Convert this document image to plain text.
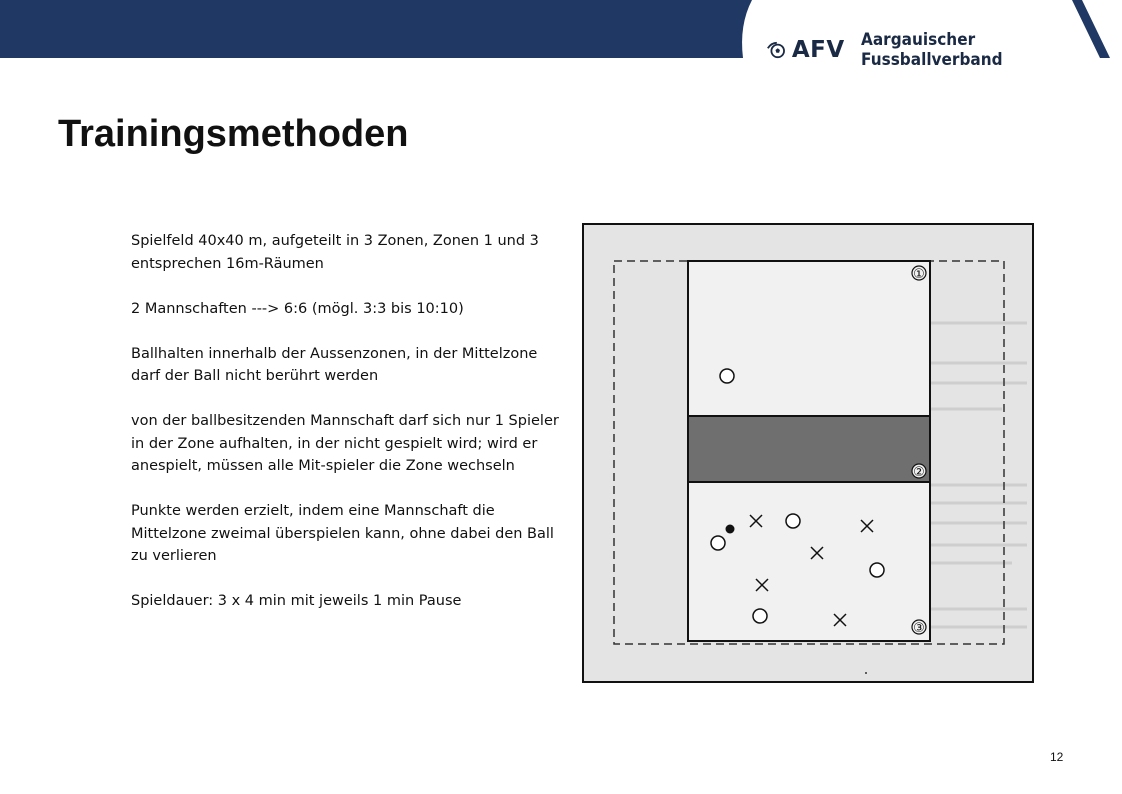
AFV Aargauischer Fussballverband
Trainingsmethoden

Spielfeld 40x40 m, aufgeteilt in 3 Zonen, Zonen 1 und 3 entsprechen 16m-Räumen

2 Mannschaften ---> 6:6 (mögl. 3:3 bis 10:10)

Ballhalten innerhalb der Aussenzonen, in der Mittelzone darf der Ball nicht berührt werden

von der ballbesitzenden Mannschaft darf sich nur 1 Spieler in der Zone aufhalten, in der nicht gespielt wird; wird er anespielt, müssen alle Mit-spieler die Zone wechseln

Punkte werden erzielt, indem eine Mannschaft die Mittelzone zweimal überspielen kann, ohne dabei den Ball zu verlieren

Spieldauer: 3 x 4 min mit jeweils 1 min Pause

①
②
③
12
